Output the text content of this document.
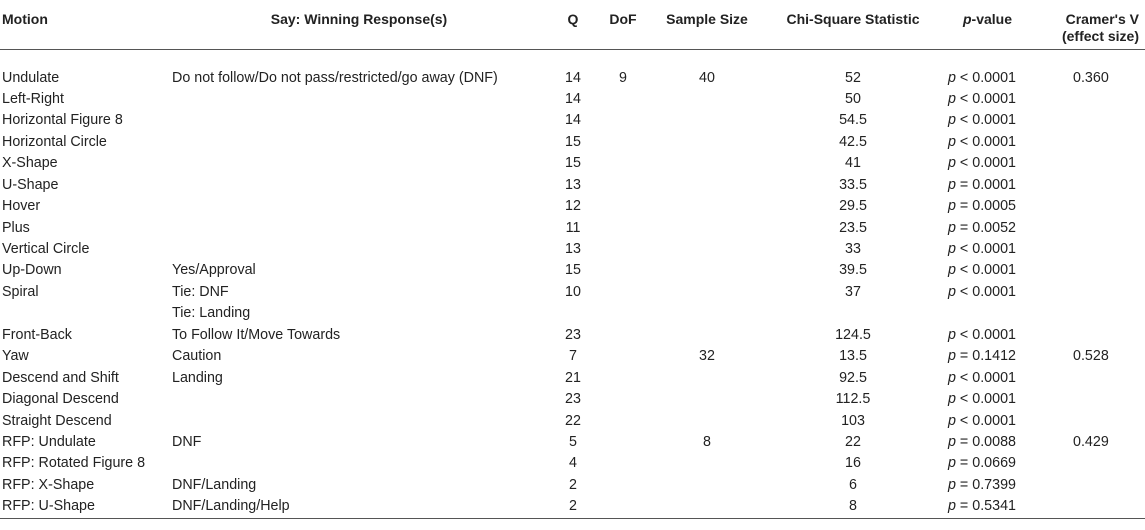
Motion	Say: Winning Response(s)	Q	DoF	Sample Size	Chi-Square Statistic	p-value	Cramer's V (effect size)
Undulate	Do not follow/Do not pass/restricted/go away (DNF)	14	9	40	52	p < 0.0001	0.360
Left-Right		14			50	p < 0.0001	
Horizontal Figure 8		14			54.5	p < 0.0001	
Horizontal Circle		15			42.5	p < 0.0001	
X-Shape		15			41	p < 0.0001	
U-Shape		13			33.5	p = 0.0001	
Hover		12			29.5	p = 0.0005	
Plus		11			23.5	p = 0.0052	
Vertical Circle		13			33	p < 0.0001	
Up-Down	Yes/Approval	15			39.5	p < 0.0001	
Spiral	Tie: DNF	10			37	p < 0.0001	
	Tie: Landing						
Front-Back	To Follow It/Move Towards	23			124.5	p < 0.0001	
Yaw	Caution	7		32	13.5	p = 0.1412	0.528
Descend and Shift	Landing	21			92.5	p < 0.0001	
Diagonal Descend		23			112.5	p < 0.0001	
Straight Descend		22			103	p < 0.0001	
RFP: Undulate	DNF	5		8	22	p = 0.0088	0.429
RFP: Rotated Figure 8		4			16	p = 0.0669	
RFP: X-Shape	DNF/Landing	2			6	p = 0.7399	
RFP: U-Shape	DNF/Landing/Help	2			8	p = 0.5341	
